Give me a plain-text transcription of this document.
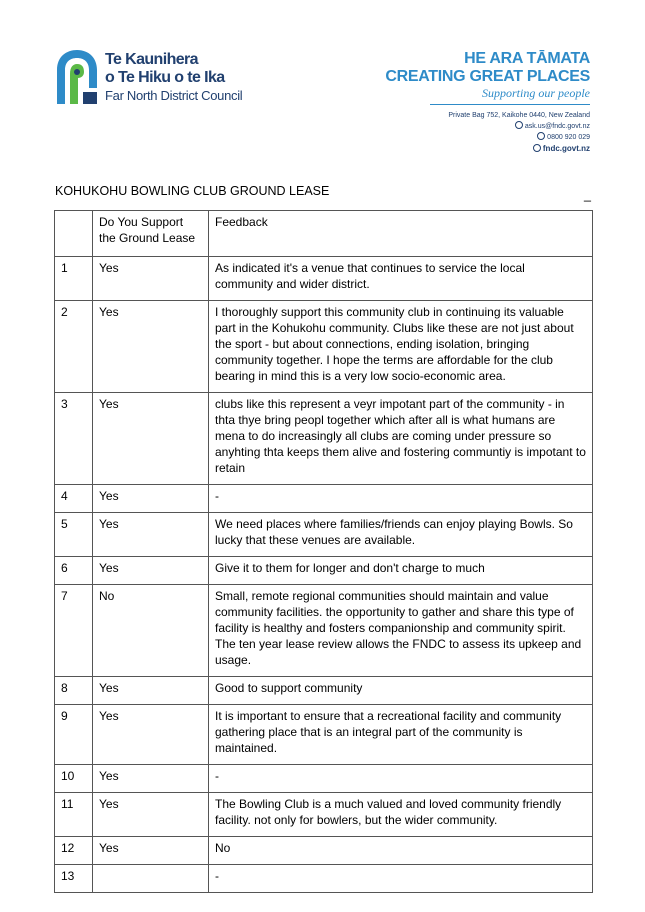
Te Kaunihera
o Te Hiku o te Ika
Far North District Council
HE ARA TĀMATA
CREATING GREAT PLACES
Supporting our people
Private Bag 752, Kaikohe 0440, New Zealand
ask.us@fndc.govt.nz
0800 920 029
fndc.govt.nz
KOHUKOHU BOWLING CLUB GROUND LEASE	_
	Do You Support the Ground Lease	Feedback
1	Yes	As indicated it's a venue that continues to service the local community and wider district.
2	Yes	I thoroughly support this community club in continuing its valuable part in the Kohukohu community. Clubs like these are not just about the sport - but about connections, ending isolation, bringing community together. I hope the terms are affordable for the club bearing in mind this is a very low socio-economic area.
3	Yes	clubs like this represent a veyr impotant part of the community - in thta thye bring peopl together which after all is what humans are mena to do increasingly all clubs are coming under pressure so anyhting thta keeps them alive and fostering communtiy is impotant to retain
4	Yes	-
5	Yes	We need places where families/friends can enjoy playing Bowls. So lucky that these venues are available.
6	Yes	Give it to them for longer and don't charge to much
7	No	Small, remote regional communities should maintain and value community facilities. the opportunity to gather and share this type of facility is healthy and fosters companionship and community spirit. The ten year lease review allows the FNDC to assess its upkeep and usage.
8	Yes	Good to support community
9	Yes	It is important to ensure that a recreational facility and community gathering place that is an integral part of the community is maintained.
10	Yes	-
11	Yes	The Bowling Club is a much valued and loved community friendly facility. not only for bowlers, but the wider community.
12	Yes	No
13		-
